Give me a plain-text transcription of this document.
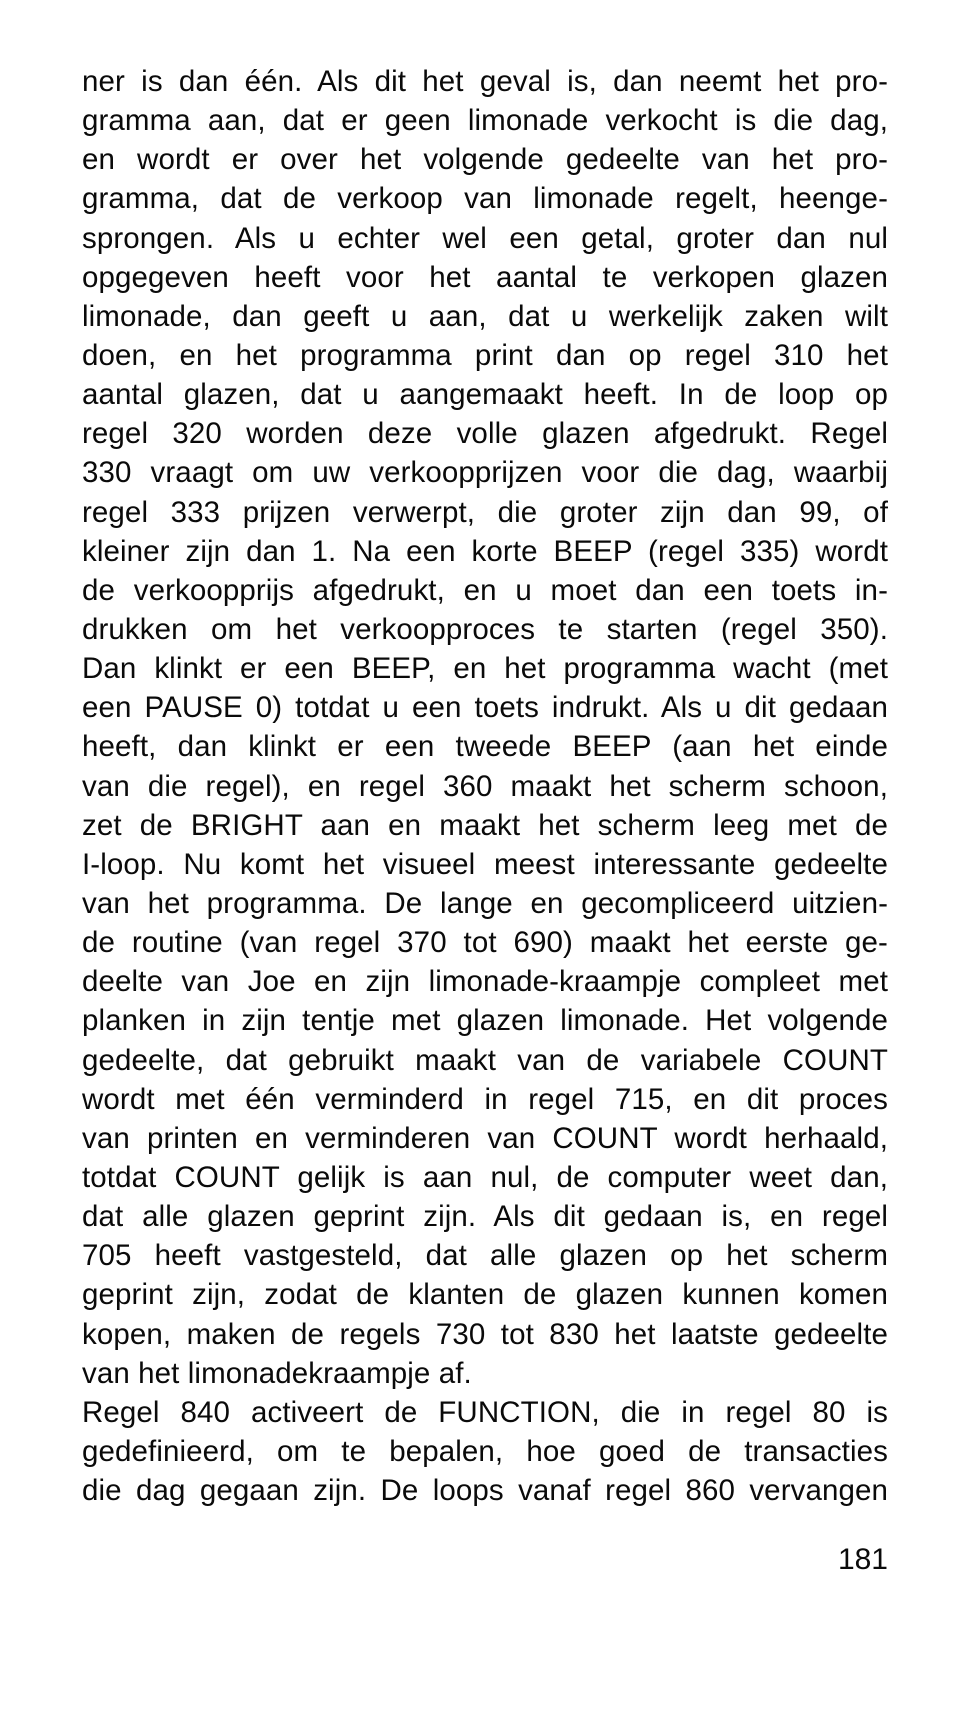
ner is dan één. Als dit het geval is, dan neemt het pro-
gramma aan, dat er geen limonade verkocht is die dag,
en wordt er over het volgende gedeelte van het pro-
gramma, dat de verkoop van limonade regelt, heenge-
sprongen. Als u echter wel een getal, groter dan nul
opgegeven heeft voor het aantal te verkopen glazen
limonade, dan geeft u aan, dat u werkelijk zaken wilt
doen, en het programma print dan op regel 310 het
aantal glazen, dat u aangemaakt heeft. In de loop op
regel 320 worden deze volle glazen afgedrukt. Regel
330 vraagt om uw verkoopprijzen voor die dag, waarbij
regel 333 prijzen verwerpt, die groter zijn dan 99, of
kleiner zijn dan 1. Na een korte BEEP (regel 335) wordt
de verkoopprijs afgedrukt, en u moet dan een toets in-
drukken om het verkoopproces te starten (regel 350).
Dan klinkt er een BEEP, en het programma wacht (met
een PAUSE 0) totdat u een toets indrukt. Als u dit gedaan
heeft, dan klinkt er een tweede BEEP (aan het einde
van die regel), en regel 360 maakt het scherm schoon,
zet de BRIGHT aan en maakt het scherm leeg met de
I-loop. Nu komt het visueel meest interessante gedeelte
van het programma. De lange en gecompliceerd uitzien-
de routine (van regel 370 tot 690) maakt het eerste ge-
deelte van Joe en zijn limonade-kraampje compleet met
planken in zijn tentje met glazen limonade. Het volgende
gedeelte, dat gebruikt maakt van de variabele COUNT
wordt met één verminderd in regel 715, en dit proces
van printen en verminderen van COUNT wordt herhaald,
totdat COUNT gelijk is aan nul, de computer weet dan,
dat alle glazen geprint zijn. Als dit gedaan is, en regel
705 heeft vastgesteld, dat alle glazen op het scherm
geprint zijn, zodat de klanten de glazen kunnen komen
kopen, maken de regels 730 tot 830 het laatste gedeelte
van het limonadekraampje af.
Regel 840 activeert de FUNCTION, die in regel 80 is
gedefinieerd, om te bepalen, hoe goed de transacties
die dag gegaan zijn. De loops vanaf regel 860 vervangen
181
